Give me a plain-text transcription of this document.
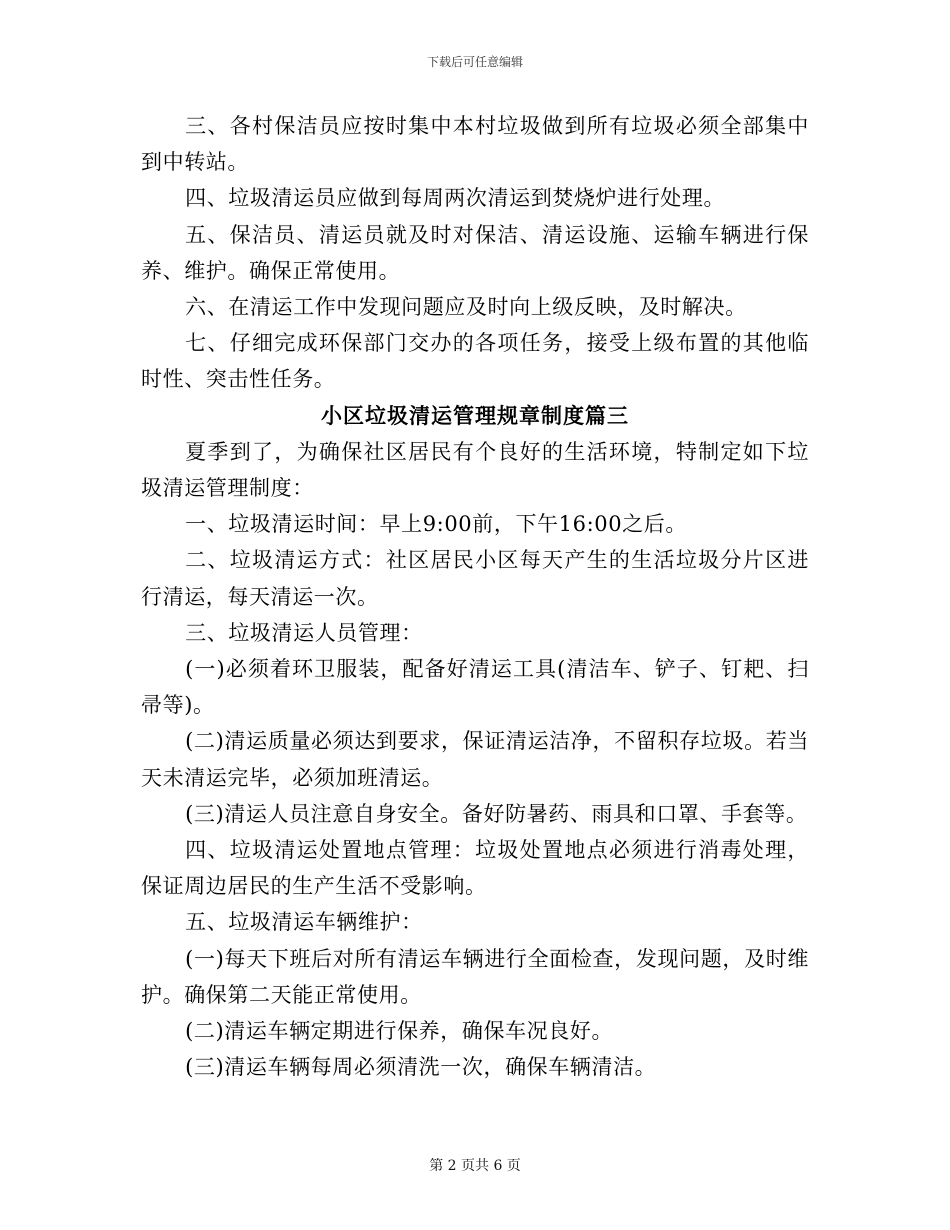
下载后可任意编辑

三、各村保洁员应按时集中本村垃圾做到所有垃圾必须全部集中到中转站。

四、垃圾清运员应做到每周两次清运到焚烧炉进行处理。

五、保洁员、清运员就及时对保洁、清运设施、运输车辆进行保养、维护。确保正常使用。

六、在清运工作中发现问题应及时向上级反映，及时解决。

七、仔细完成环保部门交办的各项任务，接受上级布置的其他临时性、突击性任务。

小区垃圾清运管理规章制度篇三

夏季到了，为确保社区居民有个良好的生活环境，特制定如下垃圾清运管理制度：

一、垃圾清运时间：早上9:00前，下午16:00之后。

二、垃圾清运方式：社区居民小区每天产生的生活垃圾分片区进行清运，每天清运一次。

三、垃圾清运人员管理：

(一)必须着环卫服装，配备好清运工具(清洁车、铲子、钉耙、扫帚等)。

(二)清运质量必须达到要求，保证清运洁净，不留积存垃圾。若当天未清运完毕，必须加班清运。

(三)清运人员注意自身安全。备好防暑药、雨具和口罩、手套等。

四、垃圾清运处置地点管理：垃圾处置地点必须进行消毒处理，保证周边居民的生产生活不受影响。

五、垃圾清运车辆维护：

(一)每天下班后对所有清运车辆进行全面检查，发现问题，及时维护。确保第二天能正常使用。

(二)清运车辆定期进行保养，确保车况良好。

(三)清运车辆每周必须清洗一次，确保车辆清洁。

第 2 页共 6 页
